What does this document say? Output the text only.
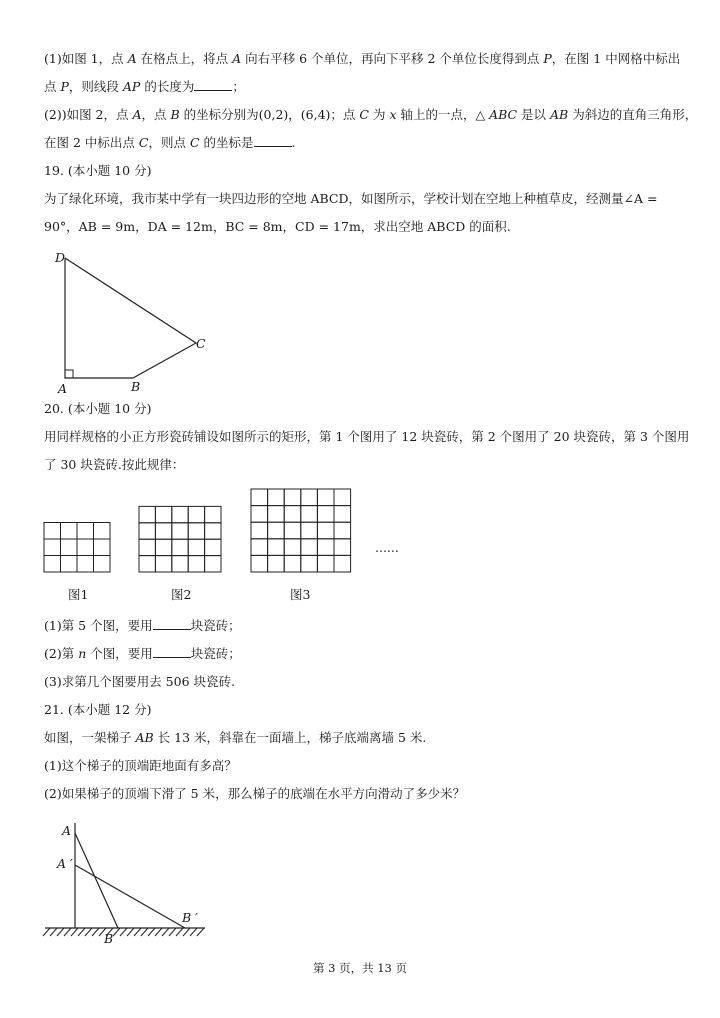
(1)如图 1，点 A 在格点上，将点 A 向右平移 6 个单位，再向下平移 2 个单位长度得到点 P，在图 1 中网格中标出
点 P，则线段 AP 的长度为	；
(2))如图 2，点 A，点 B 的坐标分别为(0,2)，(6,4)；点 C 为 x 轴上的一点，△ ABC 是以 AB 为斜边的直角三角形，
在图 2 中标出点 C，则点 C 的坐标是	.
19. (本小题 10 分)
为了绿化环境，我市某中学有一块四边形的空地 ABCD，如图所示，学校计划在空地上种植草皮，经测量∠A =
90°，AB = 9m，DA = 12m，BC = 8m，CD = 17m，求出空地 ABCD 的面积.
D
A	B
C
20. (本小题 10 分)
用同样规格的小正方形瓷砖铺设如图所示的矩形，第 1 个图用了 12 块瓷砖，第 2 个图用了 20 块瓷砖，第 3 个图用
了 30 块瓷砖.按此规律：
图1	图2	图3
......
(1)第 5 个图，要用	块瓷砖；
(2)第 n 个图，要用	块瓷砖；
(3)求第几个图要用去 506 块瓷砖.
21. (本小题 12 分)
如图，一架梯子 AB 长 13 米，斜靠在一面墙上，梯子底端离墙 5 米.
(1)这个梯子的顶端距地面有多高？
(2)如果梯子的顶端下滑了 5 米，那么梯子的底端在水平方向滑动了多少米？
A
A ′
B
B ′
第 3 页，共 13 页
